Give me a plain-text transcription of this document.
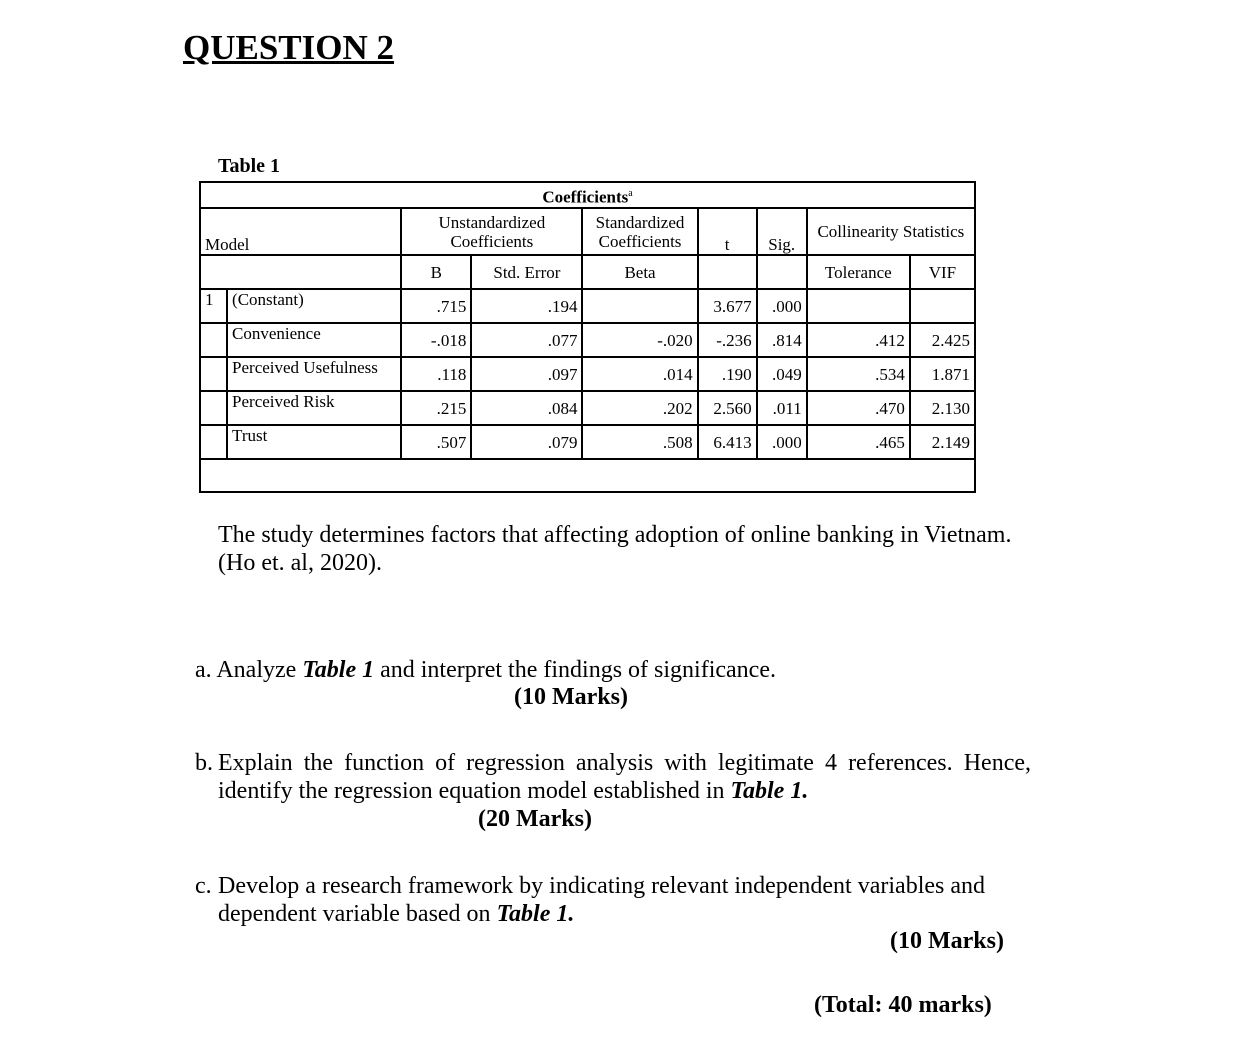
QUESTION 2
Table 1
Coefficients$^a$
Model		Unstandardized Coefficients		Standardized Coefficients	t	Sig.	Collinearity Statistics	
		B	Std. Error	Beta			Tolerance	VIF
1	(Constant)	.715	.194		3.677	.000		
	Convenience	-.018	.077	-.020	-.236	.814	.412	2.425
	Perceived Usefulness	.118	.097	.014	.190	.049	.534	1.871
	Perceived Risk	.215	.084	.202	2.560	.011	.470	2.130
	Trust	.507	.079	.508	6.413	.000	.465	2.149

The study determines factors that affecting adoption of online banking in Vietnam.
(Ho et. al, 2020).
a. Analyze Table 1 and interpret the findings of significance.
(10 Marks)
b. Explain the function of regression analysis with legitimate 4 references. Hence,
identify the regression equation model established in Table 1.
(20 Marks)
c. Develop a research framework by indicating relevant independent variables and
dependent variable based on Table 1.
(10 Marks)
(Total: 40 marks)
